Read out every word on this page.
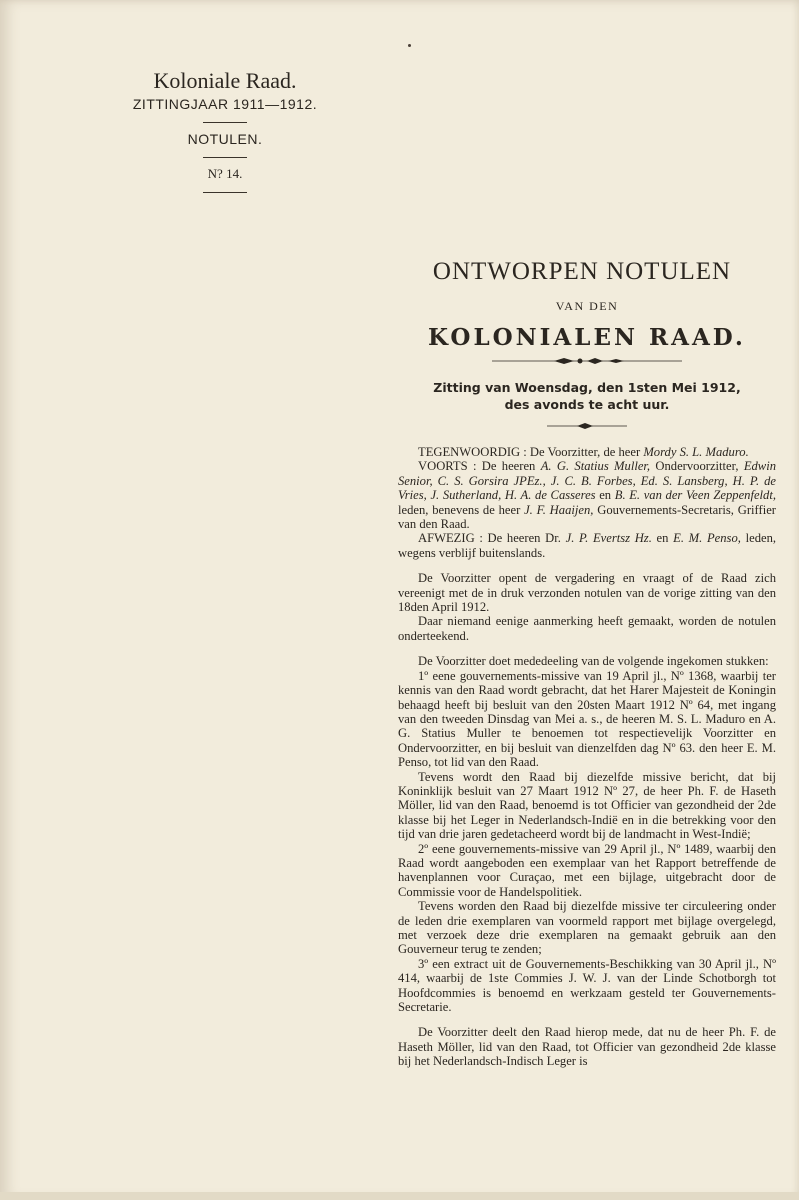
Koloniale Raad.
ZITTINGJAAR 1911—1912.
NOTULEN.
N? 14.
ONTWORPEN NOTULEN
VAN DEN
KOLONIALEN RAAD.
Zitting van Woensdag, den 1sten Mei 1912,
des avonds te acht uur.

TEGENWOORDIG : De Voorzitter, de heer Mordy S. L. Maduro.

VOORTS : De heeren A. G. Statius Muller, Ondervoorzitter, Edwin Senior, C. S. Gorsira JPEz., J. C. B. Forbes, Ed. S. Lansberg, H. P. de Vries, J. Sutherland, H. A. de Casseres en B. E. van der Veen Zeppenfeldt, leden, benevens de heer J. F. Haaijen, Gouvernements-Secretaris, Griffier van den Raad.

AFWEZIG : De heeren Dr. J. P. Evertsz Hz. en E. M. Penso, leden, wegens verblijf buitenslands.

De Voorzitter opent de vergadering en vraagt of de Raad zich vereenigt met de in druk verzonden notulen van de vorige zitting van den 18den April 1912.

Daar niemand eenige aanmerking heeft gemaakt, worden de notulen onderteekend.

De Voorzitter doet mededeeling van de volgende ingekomen stukken:

1º eene gouvernements-missive van 19 April jl., Nº 1368, waarbij ter kennis van den Raad wordt gebracht, dat het Harer Majesteit de Koningin behaagd heeft bij besluit van den 20sten Maart 1912 Nº 64, met ingang van den tweeden Dinsdag van Mei a. s., de heeren M. S. L. Maduro en A. G. Statius Muller te benoemen tot respectievelijk Voorzitter en Ondervoorzitter, en bij besluit van dienzelfden dag Nº 63. den heer E. M. Penso, tot lid van den Raad.

Tevens wordt den Raad bij diezelfde missive bericht, dat bij Koninklijk besluit van 27 Maart 1912 Nº 27, de heer Ph. F. de Haseth Möller, lid van den Raad, benoemd is tot Officier van gezondheid der 2de klasse bij het Leger in Nederlandsch-Indië en in die betrekking voor den tijd van drie jaren gedetacheerd wordt bij de landmacht in West-Indië;

2º eene gouvernements-missive van 29 April jl., Nº 1489, waarbij den Raad wordt aangeboden een exemplaar van het Rapport betreffende de havenplannen voor Curaçao, met een bijlage, uitgebracht door de Commissie voor de Handelspolitiek.

Tevens worden den Raad bij diezelfde missive ter circuleering onder de leden drie exemplaren van voormeld rapport met bijlage overgelegd, met verzoek deze drie exemplaren na gemaakt gebruik aan den Gouverneur terug te zenden;

3º een extract uit de Gouvernements-Beschikking van 30 April jl., Nº 414, waarbij de 1ste Commies J. W. J. van der Linde Schotborgh tot Hoofdcommies is benoemd en werkzaam gesteld ter Gouvernements-Secretarie.

De Voorzitter deelt den Raad hierop mede, dat nu de heer Ph. F. de Haseth Möller, lid van den Raad, tot Officier van gezondheid 2de klasse bij het Nederlandsch-Indisch Leger is
